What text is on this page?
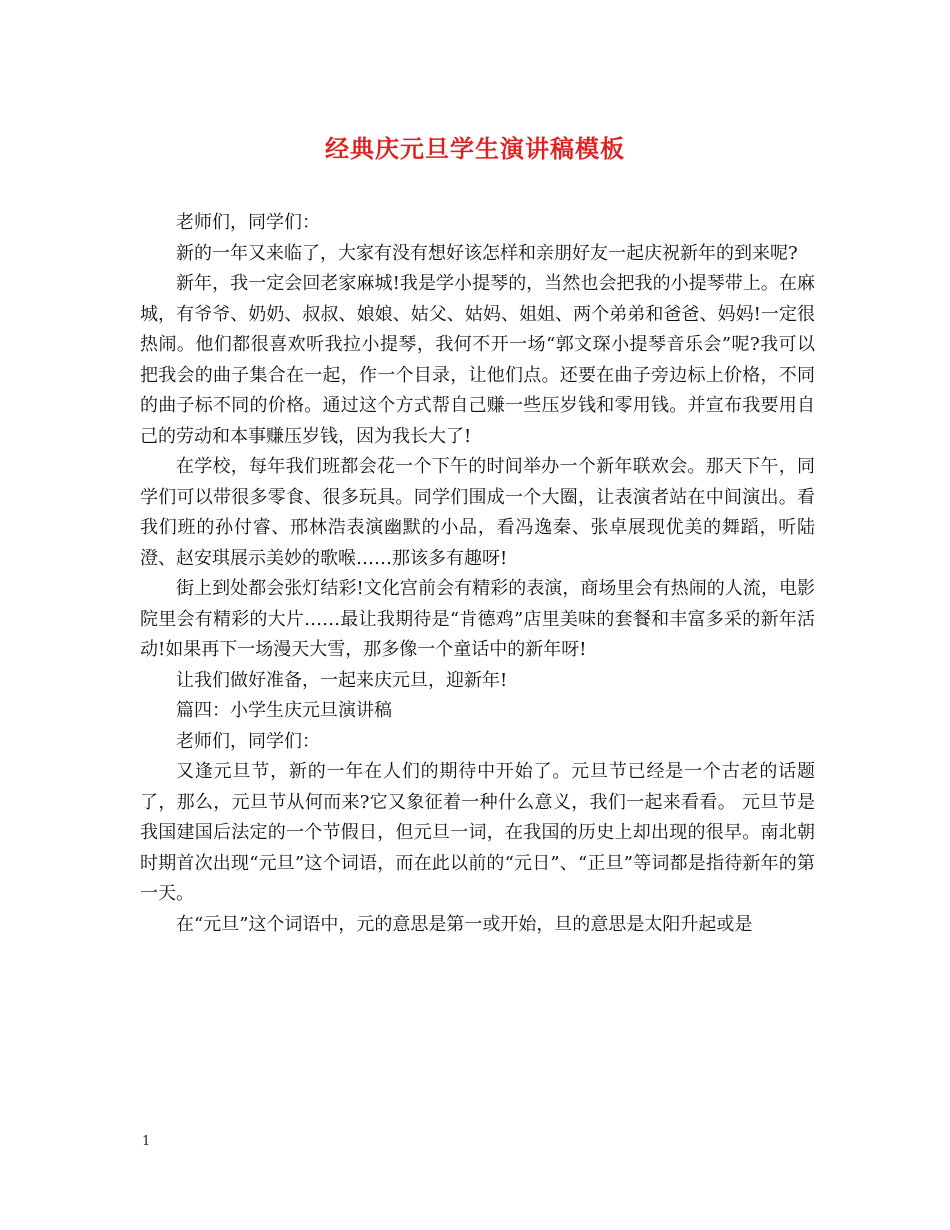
经典庆元旦学生演讲稿模板

老师们，同学们：

新的一年又来临了，大家有没有想好该怎样和亲朋好友一起庆祝新年的到来呢?

新年，我一定会回老家麻城!我是学小提琴的，当然也会把我的小提琴带上。在麻城，有爷爷、奶奶、叔叔、娘娘、姑父、姑妈、姐姐、两个弟弟和爸爸、妈妈!一定很热闹。他们都很喜欢听我拉小提琴，我何不开一场“郭文琛小提琴音乐会”呢?我可以把我会的曲子集合在一起，作一个目录，让他们点。还要在曲子旁边标上价格，不同的曲子标不同的价格。通过这个方式帮自己赚一些压岁钱和零用钱。并宣布我要用自己的劳动和本事赚压岁钱，因为我长大了!

在学校，每年我们班都会花一个下午的时间举办一个新年联欢会。那天下午，同学们可以带很多零食、很多玩具。同学们围成一个大圈，让表演者站在中间演出。看我们班的孙付睿、邢林浩表演幽默的小品，看冯逸秦、张卓展现优美的舞蹈，听陆澄、赵安琪展示美妙的歌喉……那该多有趣呀!

街上到处都会张灯结彩!文化宫前会有精彩的表演，商场里会有热闹的人流，电影院里会有精彩的大片……最让我期待是“肯德鸡”店里美味的套餐和丰富多采的新年活动!如果再下一场漫天大雪，那多像一个童话中的新年呀!

让我们做好准备，一起来庆元旦，迎新年!

篇四：小学生庆元旦演讲稿

老师们，同学们：

又逢元旦节，新的一年在人们的期待中开始了。元旦节已经是一个古老的话题了，那么，元旦节从何而来?它又象征着一种什么意义，我们一起来看看。 元旦节是我国建国后法定的一个节假日，但元旦一词，在我国的历史上却出现的很早。南北朝时期首次出现“元旦”这个词语，而在此以前的“元日”、“正旦”等词都是指待新年的第一天。

在“元旦”这个词语中，元的意思是第一或开始，旦的意思是太阳升起或是

1
